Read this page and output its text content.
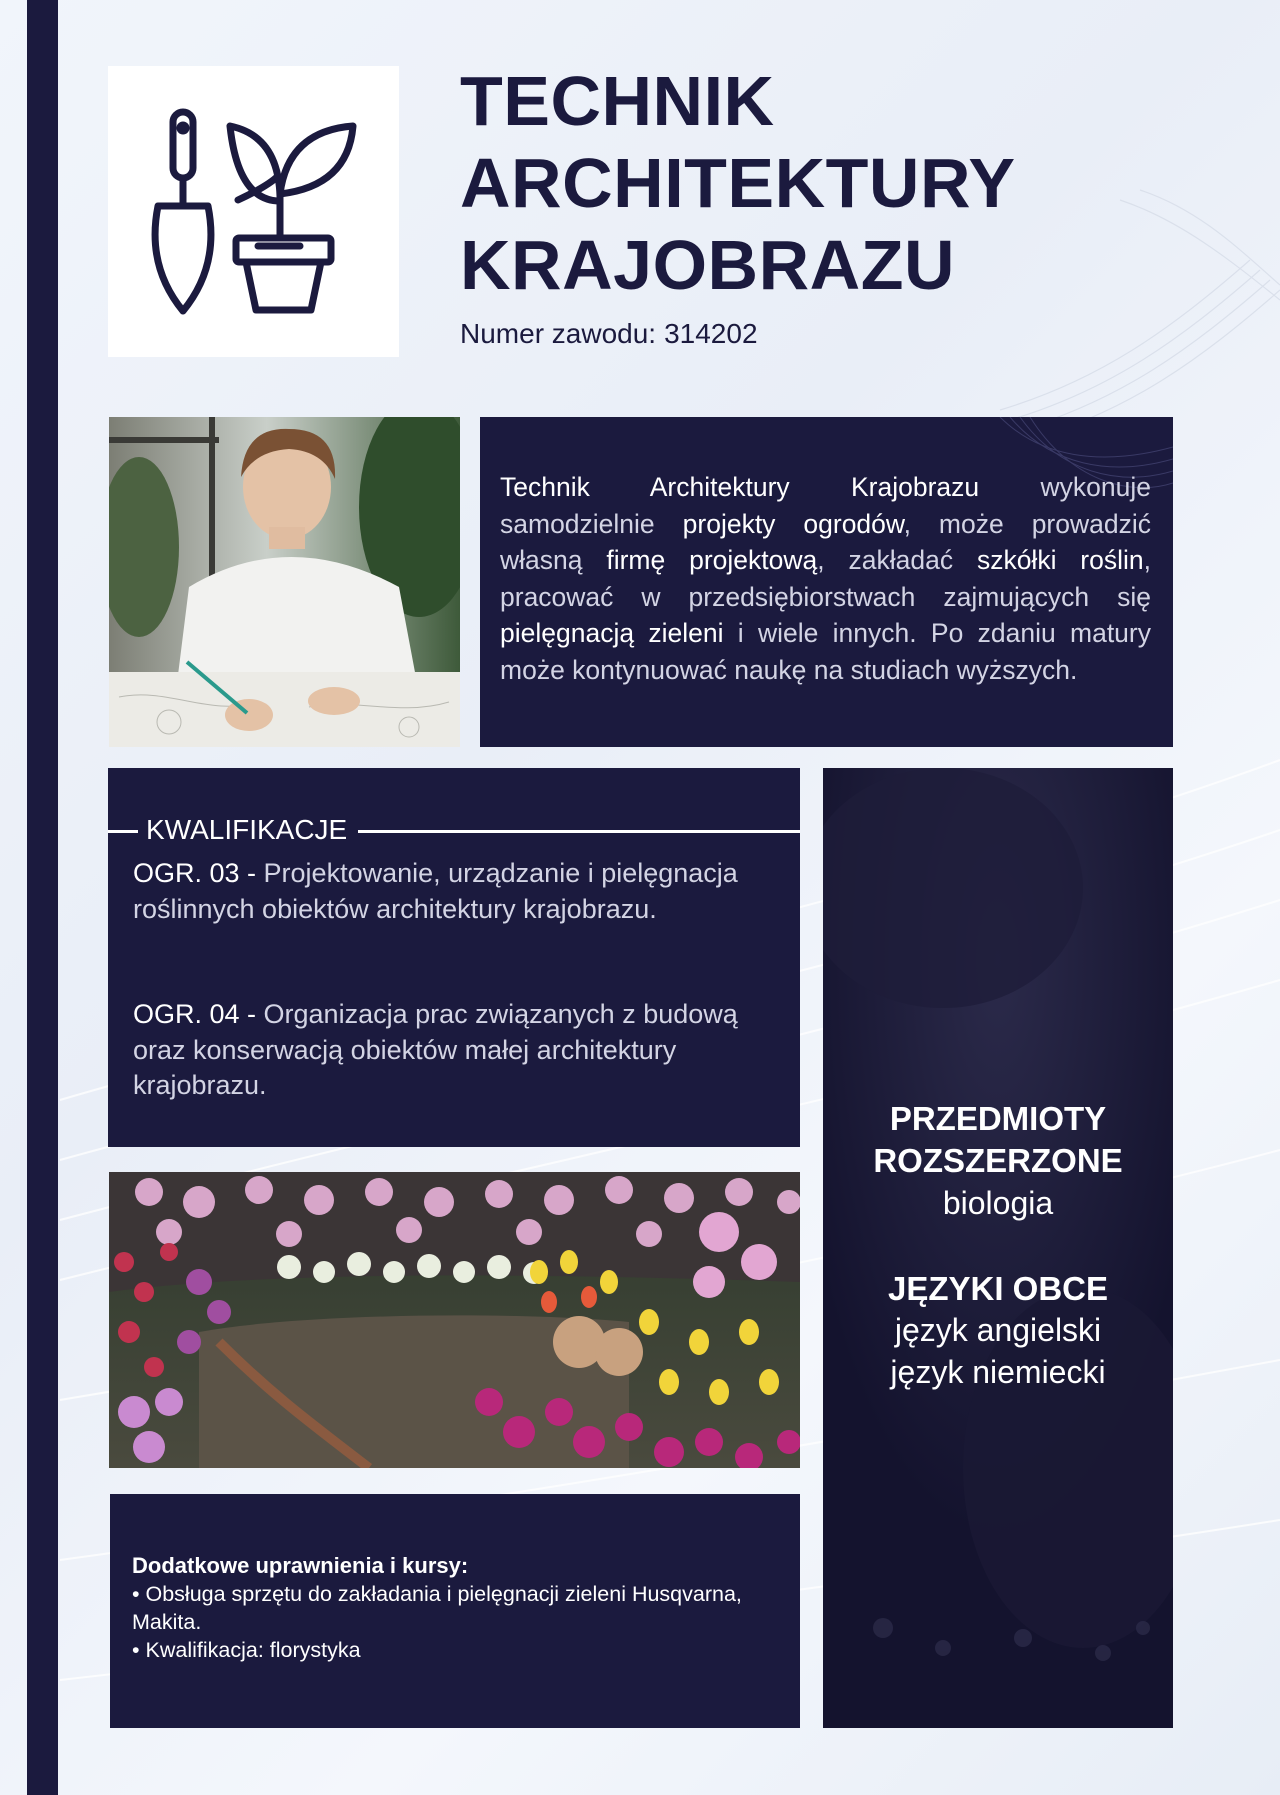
TECHNIK
ARCHITEKTURY
KRAJOBRAZU
Numer zawodu: 314202

Technik Architektury Krajobrazu wykonuje samodzielnie projekty ogrodów, może prowadzić własną firmę projektową, zakładać szkółki roślin, pracować w przedsiębiorstwach zajmujących się pielęgnacją zieleni i wiele innych. Po zdaniu matury może kontynuować naukę na studiach wyższych.

KWALIFIKACJE

OGR. 03 - Projektowanie, urządzanie i pielęgnacja roślinnych obiektów architektury krajobrazu.

OGR. 04 - Organizacja prac związanych z budową oraz konserwacją obiektów małej architektury krajobrazu.

Dodatkowe uprawnienia i kursy:

• Obsługa sprzętu do zakładania i pielęgnacji zieleni Husqvarna, Makita.

• Kwalifikacja: florystyka

PRZEDMIOTY
ROZSZERZONE
biologia
JĘZYKI OBCE
język angielski
język niemiecki
